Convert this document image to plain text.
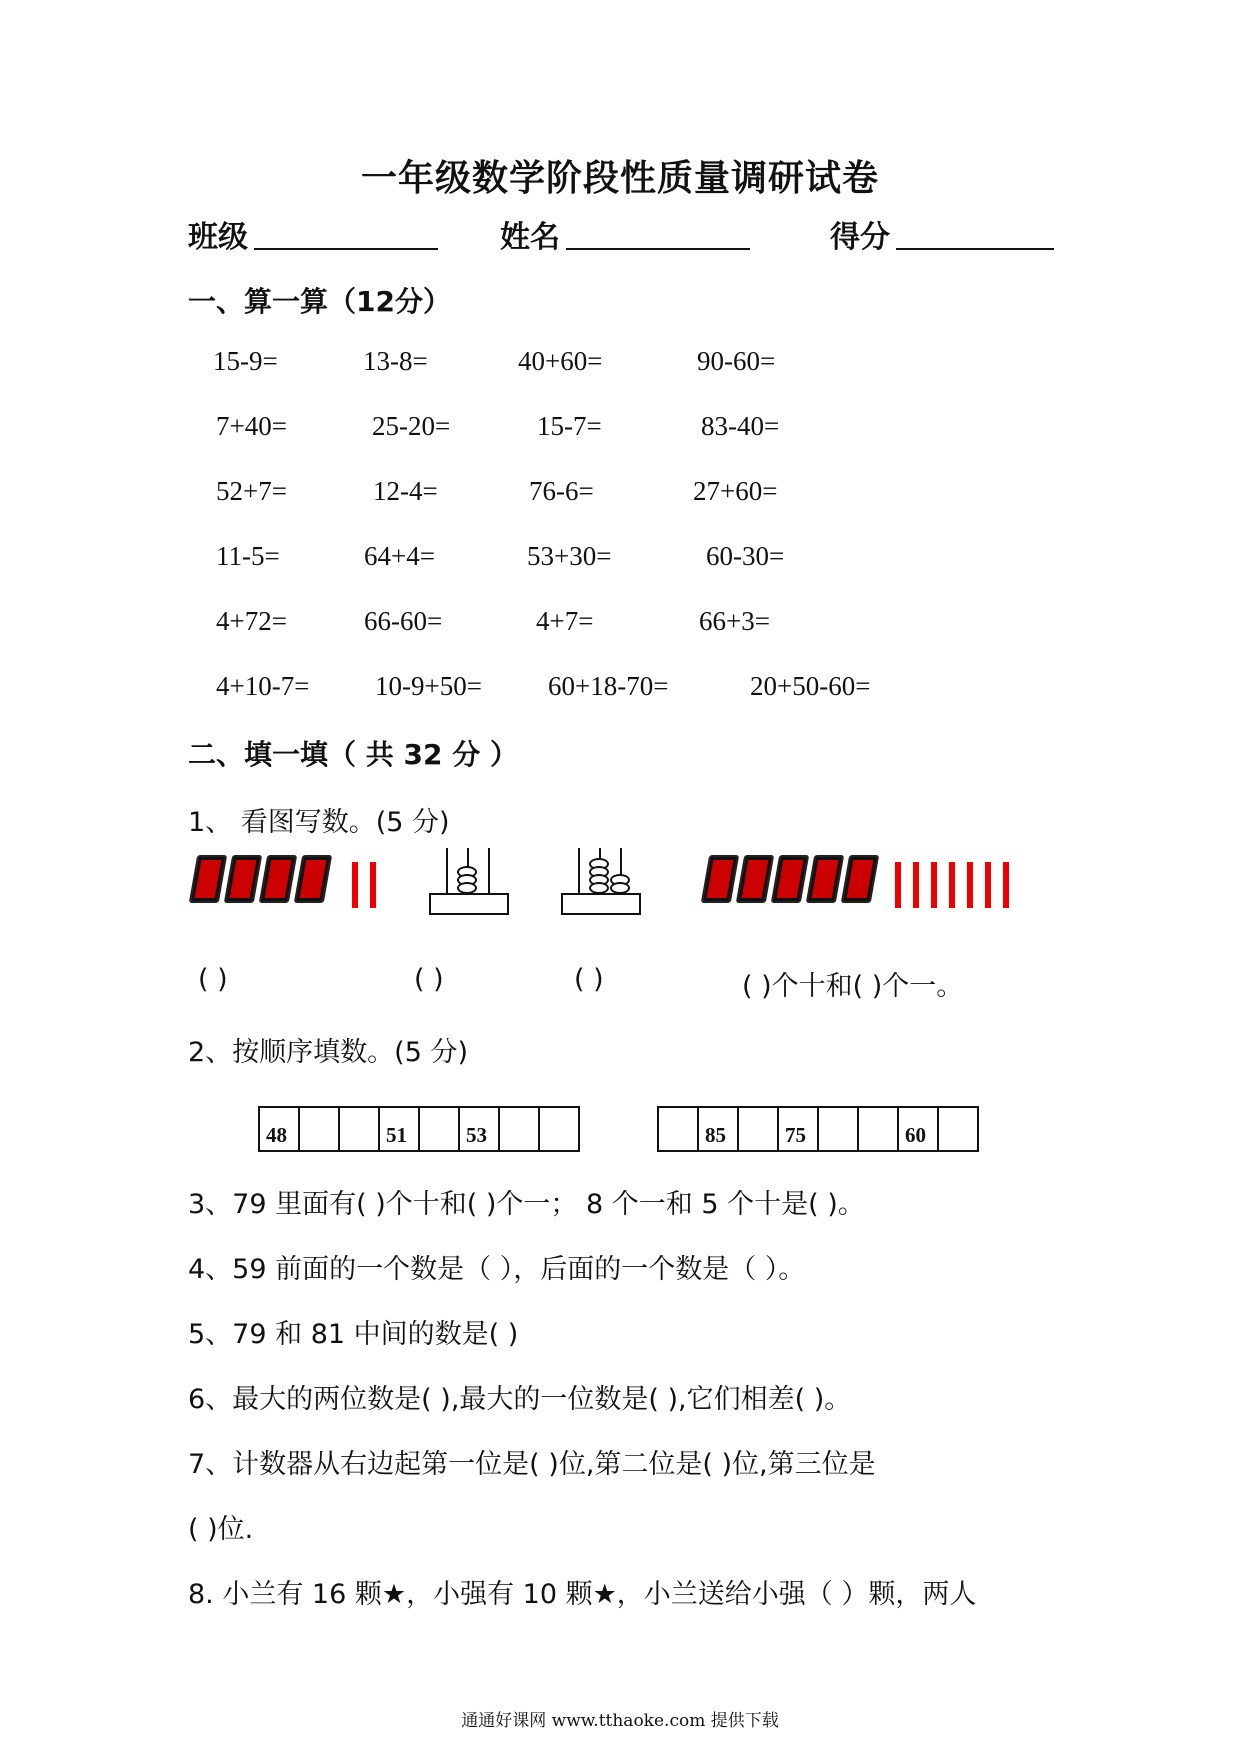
一年级数学阶段性质量调研试卷
班级	姓名	得分
一、算一算（12分）
15-9=	13-8=	40+60=	90-60=
7+40=	25-20=	15-7=	83-40=
52+7=	12-4=	76-6=	27+60=
11-5=	64+4=	53+30=	60-30=
4+72=	66-60=	4+7=	66+3=
4+10-7= 10-9+50= 60+18-70=	20+50-60=
二、填一填（ 共 32 分 ）
1、 看图写数。(5 分)
( )	( )	( )	( )个十和( )个一。
2、按顺序填数。(5 分)
48			51		53		
		85		75			60	
3、79 里面有( )个十和( )个一； 8 个一和 5 个十是( )。
4、59 前面的一个数是（ ），后面的一个数是（ ）。
5、79 和 81 中间的数是( )
6、最大的两位数是( ),最大的一位数是( ),它们相差( )。
7、计数器从右边起第一位是( )位,第二位是( )位,第三位是
( )位.
8. 小兰有 16 颗★，小强有 10 颗★，小兰送给小强（ ）颗，两人
通通好课网 www.tthaoke.com 提供下载
